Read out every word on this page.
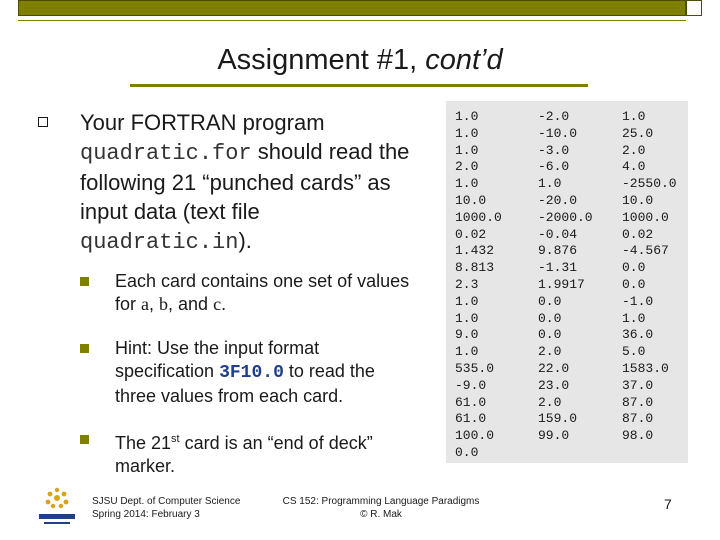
Assignment #1, cont’d
Your FORTRAN program quadratic.for should read the following 21 “punched cards” as input data (text file quadratic.in).
Each card contains one set of values for a, b, and c.
Hint: Use the input format specification 3F10.0 to read the three values from each card.
The 21st card is an “end of deck” marker.
1.0
1.0
1.0
2.0
1.0
10.0
1000.0
0.02
1.432
8.813
2.3
1.0
1.0
9.0
1.0
535.0
-9.0
61.0
61.0
100.0
0.0
-2.0
-10.0
-3.0
-6.0
1.0
-20.0
-2000.0
-0.04
9.876
-1.31
1.9917
0.0
0.0
0.0
2.0
22.0
23.0
2.0
159.0
99.0
1.0
25.0
2.0
4.0
-2550.0
10.0
1000.0
0.02
-4.567
0.0
0.0
-1.0
1.0
36.0
5.0
1583.0
37.0
87.0
87.0
98.0
SJSU Dept. of Computer Science
Spring 2014: February 3
CS 152: Programming Language Paradigms
© R. Mak
7
